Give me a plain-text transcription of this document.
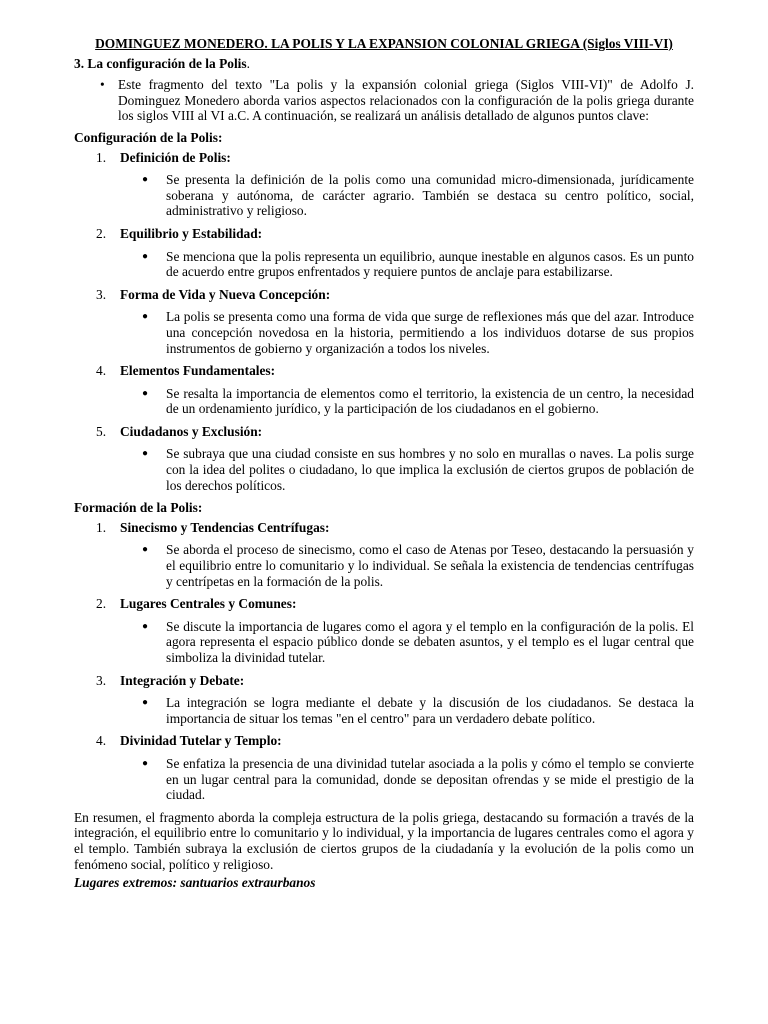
DOMINGUEZ MONEDERO. LA POLIS Y LA EXPANSION COLONIAL GRIEGA (Siglos VIII-VI)
3. La configuración de la Polis.
• Este fragmento del texto "La polis y la expansión colonial griega (Siglos VIII-VI)" de Adolfo J. Dominguez Monedero aborda varios aspectos relacionados con la configuración de la polis griega durante los siglos VIII al VI a.C. A continuación, se realizará un análisis detallado de algunos puntos clave:
Configuración de la Polis:
1. Definición de Polis:
● Se presenta la definición de la polis como una comunidad micro-dimensionada, jurídicamente soberana y autónoma, de carácter agrario. También se destaca su centro político, social, administrativo y religioso.
2. Equilibrio y Estabilidad:
● Se menciona que la polis representa un equilibrio, aunque inestable en algunos casos. Es un punto de acuerdo entre grupos enfrentados y requiere puntos de anclaje para estabilizarse.
3. Forma de Vida y Nueva Concepción:
● La polis se presenta como una forma de vida que surge de reflexiones más que del azar. Introduce una concepción novedosa en la historia, permitiendo a los individuos dotarse de sus propios instrumentos de gobierno y organización a todos los niveles.
4. Elementos Fundamentales:
● Se resalta la importancia de elementos como el territorio, la existencia de un centro, la necesidad de un ordenamiento jurídico, y la participación de los ciudadanos en el gobierno.
5. Ciudadanos y Exclusión:
● Se subraya que una ciudad consiste en sus hombres y no solo en murallas o naves. La polis surge con la idea del polites o ciudadano, lo que implica la exclusión de ciertos grupos de población de los derechos políticos.
Formación de la Polis:
1. Sinecismo y Tendencias Centrífugas:
● Se aborda el proceso de sinecismo, como el caso de Atenas por Teseo, destacando la persuasión y el equilibrio entre lo comunitario y lo individual. Se señala la existencia de tendencias centrífugas y centrípetas en la formación de la polis.
2. Lugares Centrales y Comunes:
● Se discute la importancia de lugares como el agora y el templo en la configuración de la polis. El agora representa el espacio público donde se debaten asuntos, y el templo es el lugar central que simboliza la divinidad tutelar.
3. Integración y Debate:
● La integración se logra mediante el debate y la discusión de los ciudadanos. Se destaca la importancia de situar los temas "en el centro" para un verdadero debate político.
4. Divinidad Tutelar y Templo:
● Se enfatiza la presencia de una divinidad tutelar asociada a la polis y cómo el templo se convierte en un lugar central para la comunidad, donde se depositan ofrendas y se mide el prestigio de la ciudad.
En resumen, el fragmento aborda la compleja estructura de la polis griega, destacando su formación a través de la integración, el equilibrio entre lo comunitario y lo individual, y la importancia de lugares centrales como el agora y el templo. También subraya la exclusión de ciertos grupos de la ciudadanía y la evolución de la polis como un fenómeno social, político y religioso.
Lugares extremos: santuarios extraurbanos
